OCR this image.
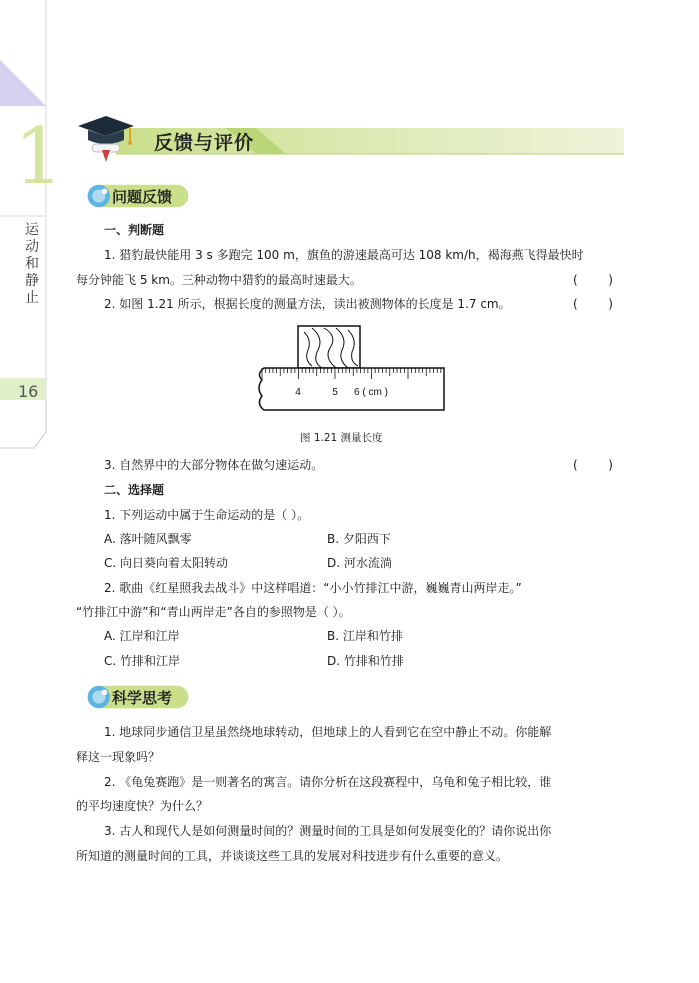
1
运动和静止
16
反馈与评价
问题反馈
一、判断题
1. 猎豹最快能用 3 s 多跑完 100 m，旗鱼的游速最高可达 108 km/h，褐海燕飞得最快时
每分钟能飞 5 km。三种动物中猎豹的最高时速最大。	(        )
2. 如图 1.21 所示，根据长度的测量方法，读出被测物体的长度是 1.7 cm。	(        )
4	5 6 ( cm )
图 1.21 测量长度
3. 自然界中的大部分物体在做匀速运动。	(        )
二、选择题
1. 下列运动中属于生命运动的是（ ）。
A. 落叶随风飘零	B. 夕阳西下
C. 向日葵向着太阳转动	D. 河水流淌
2. 歌曲《红星照我去战斗》中这样唱道：“小小竹排江中游，巍巍青山两岸走。”
“竹排江中游”和“青山两岸走”各自的参照物是（ ）。
A. 江岸和江岸	B. 江岸和竹排
C. 竹排和江岸	D. 竹排和竹排
科学思考
1. 地球同步通信卫星虽然绕地球转动，但地球上的人看到它在空中静止不动。你能解
释这一现象吗？
2. 《龟兔赛跑》是一则著名的寓言。请你分析在这段赛程中，乌龟和兔子相比较，谁
的平均速度快？为什么？
3. 古人和现代人是如何测量时间的？测量时间的工具是如何发展变化的？请你说出你
所知道的测量时间的工具，并谈谈这些工具的发展对科技进步有什么重要的意义。
